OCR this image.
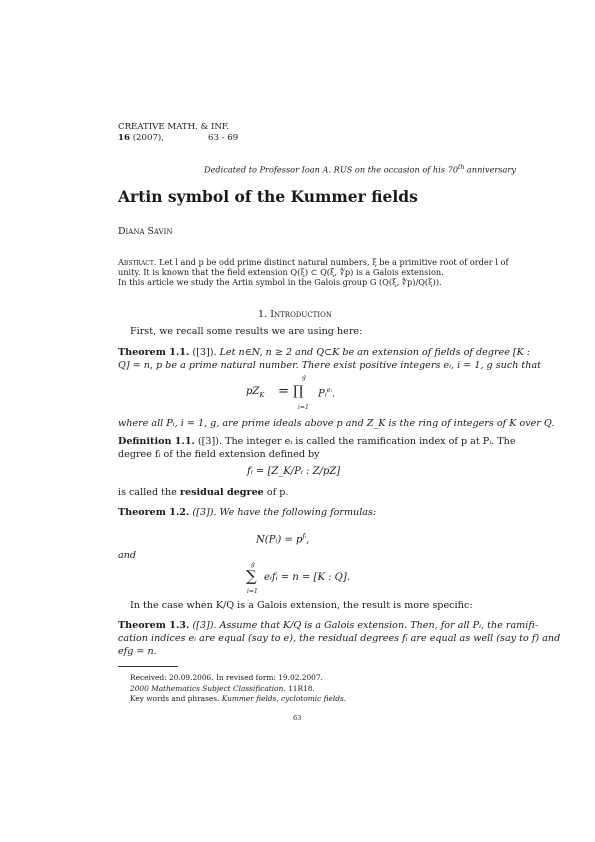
CREATIVE MATH. & INF.
16 (2007),	63 - 69
Dedicated to Professor Ioan A. RUS on the occasion of his 70th anniversary
Artin symbol of the Kummer fields
Diana Savin
Abstract. Let l and p be odd prime distinct natural numbers, ξ be a primitive root of order l of
unity. It is known that the field extension Q(ξ) ⊂ Q(ξ, ∜p) is a Galois extension.
In this article we study the Artin symbol in the Galois group G (Q(ξ, ∜p)/Q(ξ)).
1. Introduction
First, we recall some results we are using here:
Theorem 1.1. ([3]). Let n∈N, n ≥ 2 and Q⊂K be an extension of fields of degree [K :
Q] = n, p be a prime natural number. There exist positive integers eᵢ, i = 1, g such that
g
$pZ_K$ = ∏ Pᵢ$^{eᵢ}$.
i=1
where all Pᵢ, i = 1, g, are prime ideals above p and Z_K is the ring of integers of K over Q.
Definition 1.1. ([3]). The integer eᵢ is called the ramification index of p at Pᵢ. The
degree fᵢ of the field extension defined by
fᵢ = [Z_K/Pᵢ : Z/pZ]
is called the residual degree of p.
Theorem 1.2. ([3]). We have the following formulas:
N(Pᵢ) = $p^{fᵢ}$,
and
g
∑ eᵢfᵢ = n = [K : Q].
i=1
In the case when K/Q is a Galois extension, the result is more specific:
Theorem 1.3. ([3]). Assume that K/Q is a Galois extension. Then, for all Pᵢ, the ramifi-
cation indices eᵢ are equal (say to e), the residual degrees fᵢ are equal as well (say to f) and
efg = n.
Received: 20.09.2006. In revised form: 19.02.2007.
2000 Mathematics Subject Classification. 11R18.
Key words and phrases. Kummer fields, cyclotomic fields.
63
